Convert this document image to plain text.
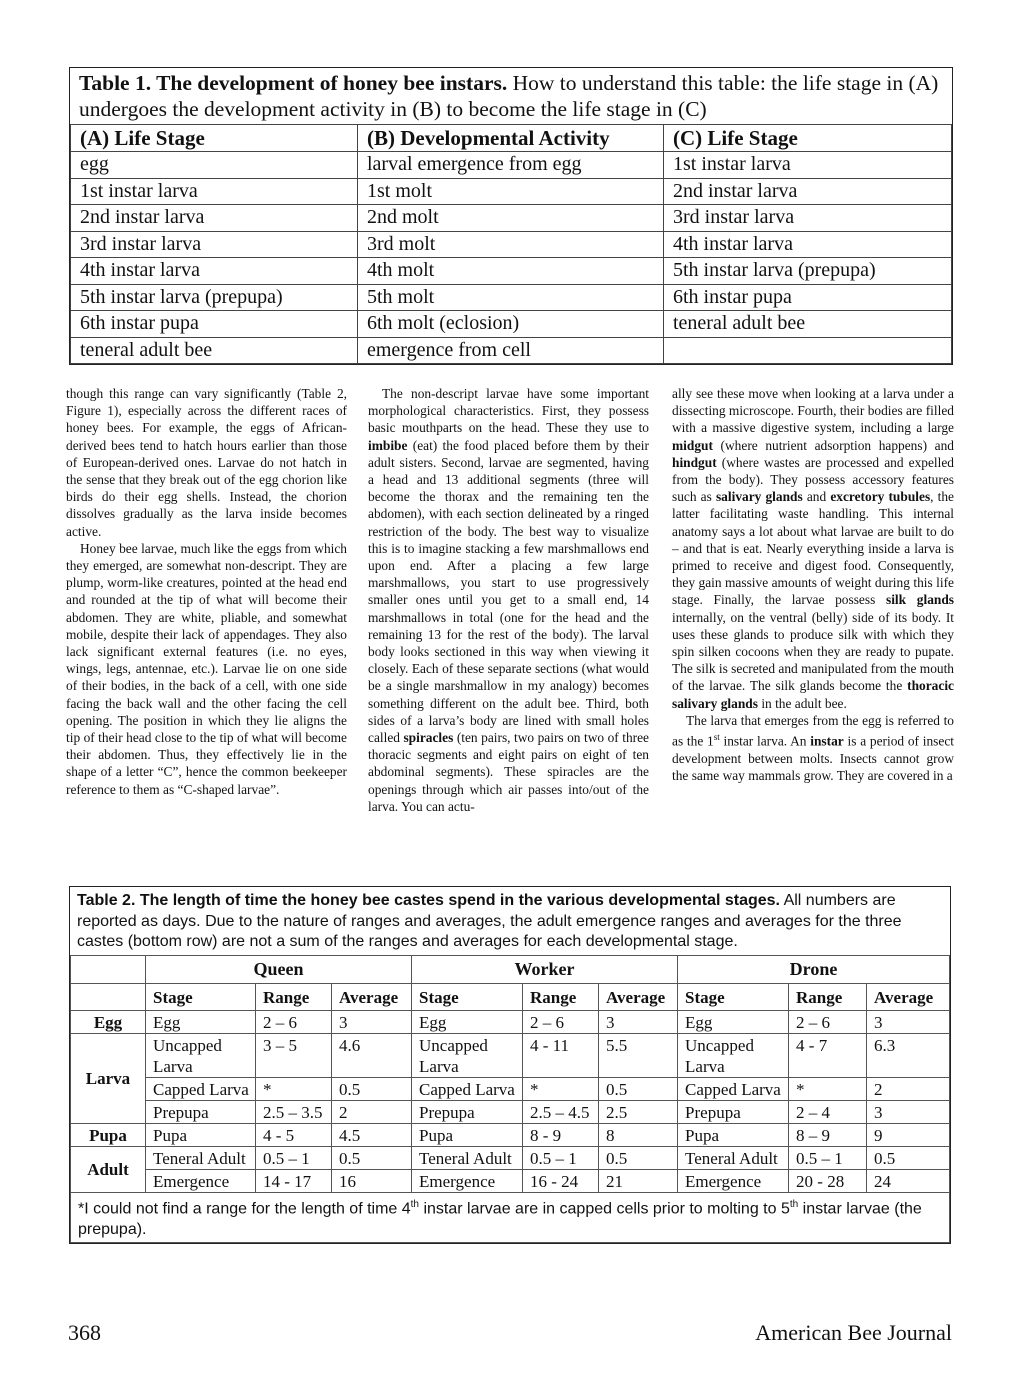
Table 1. The development of honey bee instars. How to understand this table: the life stage in (A) undergoes the development activity in (B) to become the life stage in (C)
(A) Life Stage	(B) Developmental Activity	(C) Life Stage
egg	larval emergence from egg	1st instar larva
1st instar larva	1st molt	2nd instar larva
2nd instar larva	2nd molt	3rd instar larva
3rd instar larva	3rd molt	4th instar larva
4th instar larva	4th molt	5th instar larva (prepupa)
5th instar larva (prepupa)	5th molt	6th instar pupa
6th instar pupa	6th molt (eclosion)	teneral adult bee
teneral adult bee	emergence from cell	

though this range can vary significantly (Table 2, Figure 1), especially across the different races of honey bees. For example, the eggs of African-derived bees tend to hatch hours earlier than those of European-derived ones. Larvae do not hatch in the sense that they break out of the egg chorion like birds do their egg shells. Instead, the chorion dissolves gradually as the larva inside becomes active.

Honey bee larvae, much like the eggs from which they emerged, are somewhat non-descript. They are plump, worm-like creatures, pointed at the head end and rounded at the tip of what will become their abdomen. They are white, pliable, and somewhat mobile, despite their lack of appendages. They also lack significant external features (i.e. no eyes, wings, legs, antennae, etc.). Larvae lie on one side of their bodies, in the back of a cell, with one side facing the back wall and the other facing the cell opening. The position in which they lie aligns the tip of their head close to the tip of what will become their abdomen. Thus, they effectively lie in the shape of a letter “C”, hence the common beekeeper reference to them as “C-shaped larvae”.

The non-descript larvae have some important morphological characteristics. First, they possess basic mouthparts on the head. These they use to imbibe (eat) the food placed before them by their adult sisters. Second, larvae are segmented, having a head and 13 additional segments (three will become the thorax and the remaining ten the abdomen), with each section delineated by a ringed restriction of the body. The best way to visualize this is to imagine stacking a few marshmallows end upon end. After a placing a few large marshmallows, you start to use progressively smaller ones until you get to a small end, 14 marshmallows in total (one for the head and the remaining 13 for the rest of the body). The larval body looks sectioned in this way when viewing it closely. Each of these separate sections (what would be a single marshmallow in my analogy) becomes something different on the adult bee. Third, both sides of a larva’s body are lined with small holes called spiracles (ten pairs, two pairs on two of three thoracic segments and eight pairs on eight of ten abdominal segments). These spiracles are the openings through which air passes into/out of the larva. You can actu-

ally see these move when looking at a larva under a dissecting microscope. Fourth, their bodies are filled with a massive digestive system, including a large midgut (where nutrient adsorption happens) and hindgut (where wastes are processed and expelled from the body). They possess accessory features such as salivary glands and excretory tubules, the latter facilitating waste handling. This internal anatomy says a lot about what larvae are built to do – and that is eat. Nearly everything inside a larva is primed to receive and digest food. Consequently, they gain massive amounts of weight during this life stage. Finally, the larvae possess silk glands internally, on the ventral (belly) side of its body. It uses these glands to produce silk with which they spin silken cocoons when they are ready to pupate. The silk is secreted and manipulated from the mouth of the larvae. The silk glands become the thoracic salivary glands in the adult bee.

The larva that emerges from the egg is referred to as the 1st instar larva. An instar is a period of insect development between molts. Insects cannot grow the same way mammals grow. They are covered in a

Table 2. The length of time the honey bee castes spend in the various developmental stages. All numbers are reported as days. Due to the nature of ranges and averages, the adult emergence ranges and averages for the three castes (bottom row) are not a sum of the ranges and averages for each developmental stage.
	Queen			Worker			Drone		
	Stage	Range	Average	Stage	Range	Average	Stage	Range	Average
Egg	Egg	2 – 6	3	Egg	2 – 6	3	Egg	2 – 6	3
Larva	Uncapped Larva	3 – 5	4.6	Uncapped Larva	4 - 11	5.5	Uncapped Larva	4 - 7	6.3
	Capped Larva	*	0.5	Capped Larva	*	0.5	Capped Larva	*	2
	Prepupa	2.5 – 3.5	2	Prepupa	2.5 – 4.5	2.5	Prepupa	2 – 4	3
Pupa	Pupa	4 - 5	4.5	Pupa	8 - 9	8	Pupa	8 – 9	9
Adult	Teneral Adult	0.5 – 1	0.5	Teneral Adult	0.5 – 1	0.5	Teneral Adult	0.5 – 1	0.5
	Emergence	14 - 17	16	Emergence	16 - 24	21	Emergence	20 - 28	24
*I could not find a range for the length of time 4th instar larvae are in capped cells prior to molting to 5th instar larvae (the prepupa).									
368	American Bee Journal
